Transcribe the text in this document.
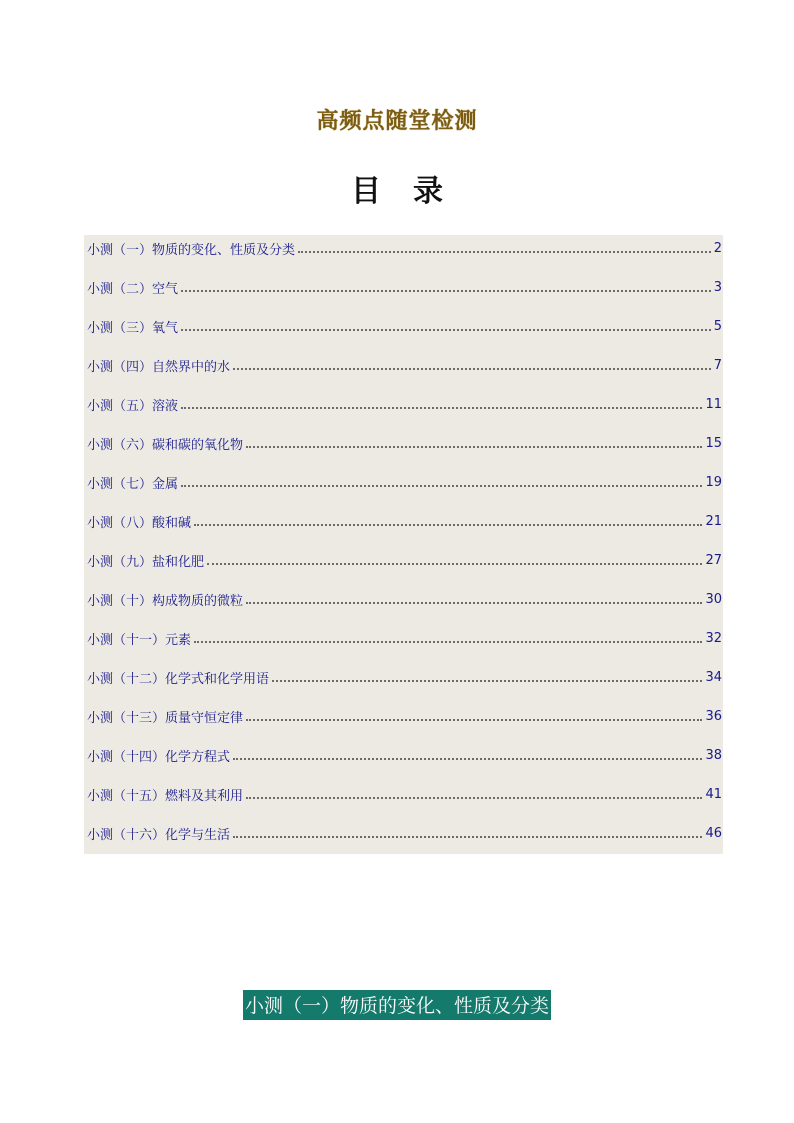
高频点随堂检测
目录
小测（一）物质的变化、性质及分类	2
小测（二）空气	3
小测（三）氧气	5
小测（四）自然界中的水	7
小测（五）溶液	11
小测（六）碳和碳的氧化物	15
小测（七）金属	19
小测（八）酸和碱	21
小测（九）盐和化肥	27
小测（十）构成物质的微粒	30
小测（十一）元素	32
小测（十二）化学式和化学用语	34
小测（十三）质量守恒定律	36
小测（十四）化学方程式	38
小测（十五）燃料及其利用	41
小测（十六）化学与生活	46
小测（一）物质的变化、性质及分类
